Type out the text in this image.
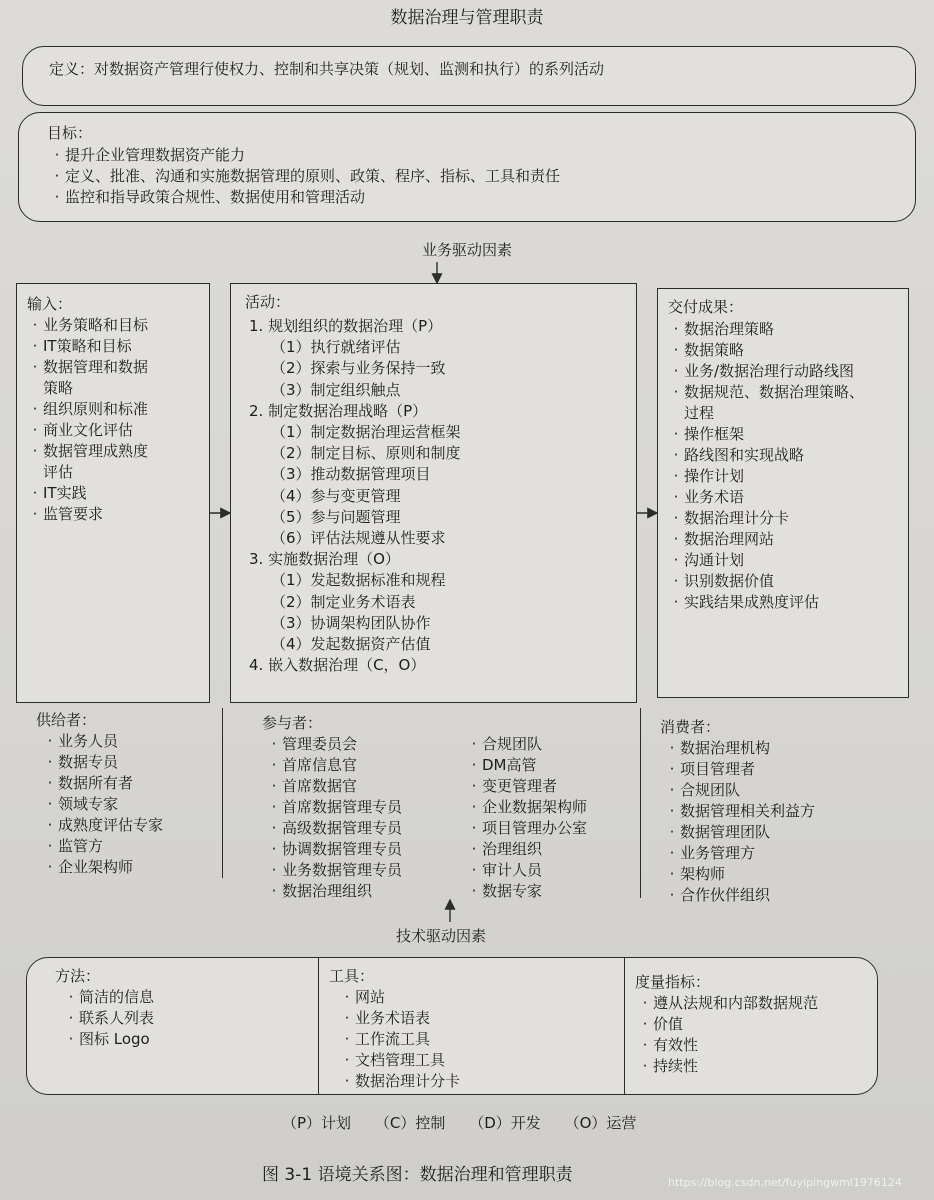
数据治理与管理职责
定义：对数据资产管理行使权力、控制和共享决策（规划、监测和执行）的系列活动
目标：
· 提升企业管理数据资产能力
· 定义、批准、沟通和实施数据管理的原则、政策、程序、指标、工具和责任
· 监控和指导政策合规性、数据使用和管理活动
业务驱动因素
输入：
· 业务策略和目标
· IT策略和目标
· 数据管理和数据
策略
· 组织原则和标准
· 商业文化评估
· 数据管理成熟度
评估
· IT实践
· 监管要求
活动：
1. 规划组织的数据治理（P）
（1）执行就绪评估
（2）探索与业务保持一致
（3）制定组织触点
2. 制定数据治理战略（P）
（1）制定数据治理运营框架
（2）制定目标、原则和制度
（3）推动数据管理项目
（4）参与变更管理
（5）参与问题管理
（6）评估法规遵从性要求
3. 实施数据治理（O）
（1）发起数据标准和规程
（2）制定业务术语表
（3）协调架构团队协作
（4）发起数据资产估值
4. 嵌入数据治理（C，O）
交付成果：
· 数据治理策略
· 数据策略
· 业务/数据治理行动路线图
· 数据规范、数据治理策略、
过程
· 操作框架
· 路线图和实现战略
· 操作计划
· 业务术语
· 数据治理计分卡
· 数据治理网站
· 沟通计划
· 识别数据价值
· 实践结果成熟度评估
供给者：
· 业务人员
· 数据专员
· 数据所有者
· 领域专家
· 成熟度评估专家
· 监管方
· 企业架构师
参与者：
· 管理委员会
· 首席信息官
· 首席数据官
· 首席数据管理专员
· 高级数据管理专员
· 协调数据管理专员
· 业务数据管理专员
· 数据治理组织
· 合规团队
· DM高管
· 变更管理者
· 企业数据架构师
· 项目管理办公室
· 治理组织
· 审计人员
· 数据专家
消费者：
· 数据治理机构
· 项目管理者
· 合规团队
· 数据管理相关利益方
· 数据管理团队
· 业务管理方
· 架构师
· 合作伙伴组织
技术驱动因素
方法：
· 简洁的信息
· 联系人列表
· 图标 Logo
工具：
· 网站
· 业务术语表
· 工作流工具
· 文档管理工具
· 数据治理计分卡
度量指标：
· 遵从法规和内部数据规范
· 价值
· 有效性
· 持续性
（P）计划 （C）控制 （D）开发 （O）运营
图 3-1 语境关系图：数据治理和管理职责	https://blog.csdn.net/fuyipingwml1976124
